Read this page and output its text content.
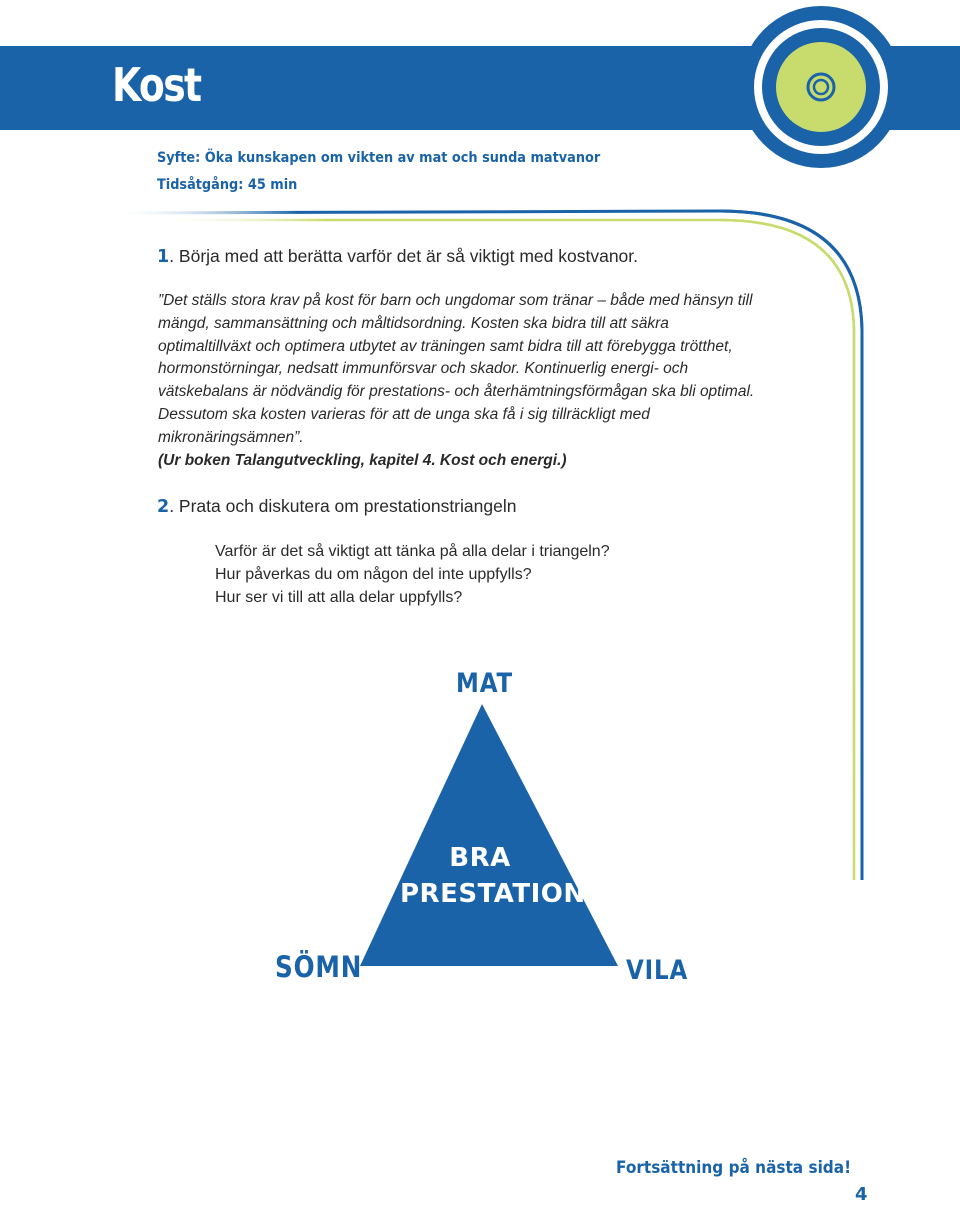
Kost

Syfte: Öka kunskapen om vikten av mat och sunda matvanor

Tidsåtgång: 45 min

1. Börja med att berätta varför det är så viktigt med kostvanor.

”Det ställs stora krav på kost för barn och ungdomar som tränar – både med hänsyn till mängd, sammansättning och måltidsordning. Kosten ska bidra till att säkra optimaltillväxt och optimera utbytet av träningen samt bidra till att förebygga trötthet, hormonstörningar, nedsatt immunförsvar och skador. Kontinuerlig energi- och vätskebalans är nödvändig för prestations- och återhämtningsförmågan ska bli optimal. Dessutom ska kosten varieras för att de unga ska få i sig tillräckligt med mikronäringsämnen”.
(Ur boken Talangutveckling, kapitel 4. Kost och energi.)

2. Prata och diskutera om prestationstriangeln

Varför är det så viktigt att tänka på alla delar i triangeln?
Hur påverkas du om någon del inte uppfylls?
Hur ser vi till att alla delar uppfylls?

MAT

BRA
PRESTATION

SÖMN	VILA

Fortsättning på nästa sida!

4
